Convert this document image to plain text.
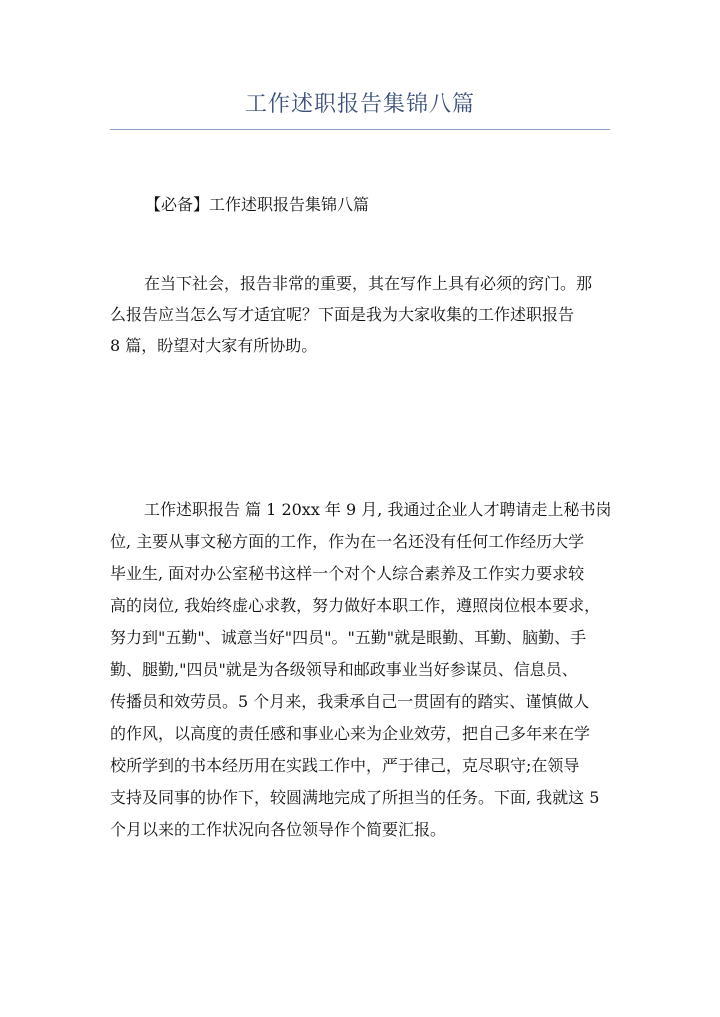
工作述职报告集锦八篇
【必备】工作述职报告集锦八篇
在当下社会，报告非常的重要，其在写作上具有必须的窍门。那
么报告应当怎么写才适宜呢？下面是我为大家收集的工作述职报告
8 篇，盼望对大家有所协助。
工作述职报告 篇 1 20xx 年 9 月, 我通过企业人才聘请走上秘书岗
位, 主要从事文秘方面的工作，作为在一名还没有任何工作经历大学
毕业生, 面对办公室秘书这样一个对个人综合素养及工作实力要求较
高的岗位, 我始终虚心求教，努力做好本职工作，遵照岗位根本要求，
努力到"五勤"、诚意当好"四员"。"五勤"就是眼勤、耳勤、脑勤、手
勤、腿勤,"四员"就是为各级领导和邮政事业当好参谋员、信息员、
传播员和效劳员。5 个月来，我秉承自己一贯固有的踏实、谨慎做人
的作风，以高度的责任感和事业心来为企业效劳，把自己多年来在学
校所学到的书本经历用在实践工作中，严于律己，克尽职守;在领导
支持及同事的协作下，较圆满地完成了所担当的任务。下面, 我就这 5
个月以来的工作状况向各位领导作个简要汇报。
